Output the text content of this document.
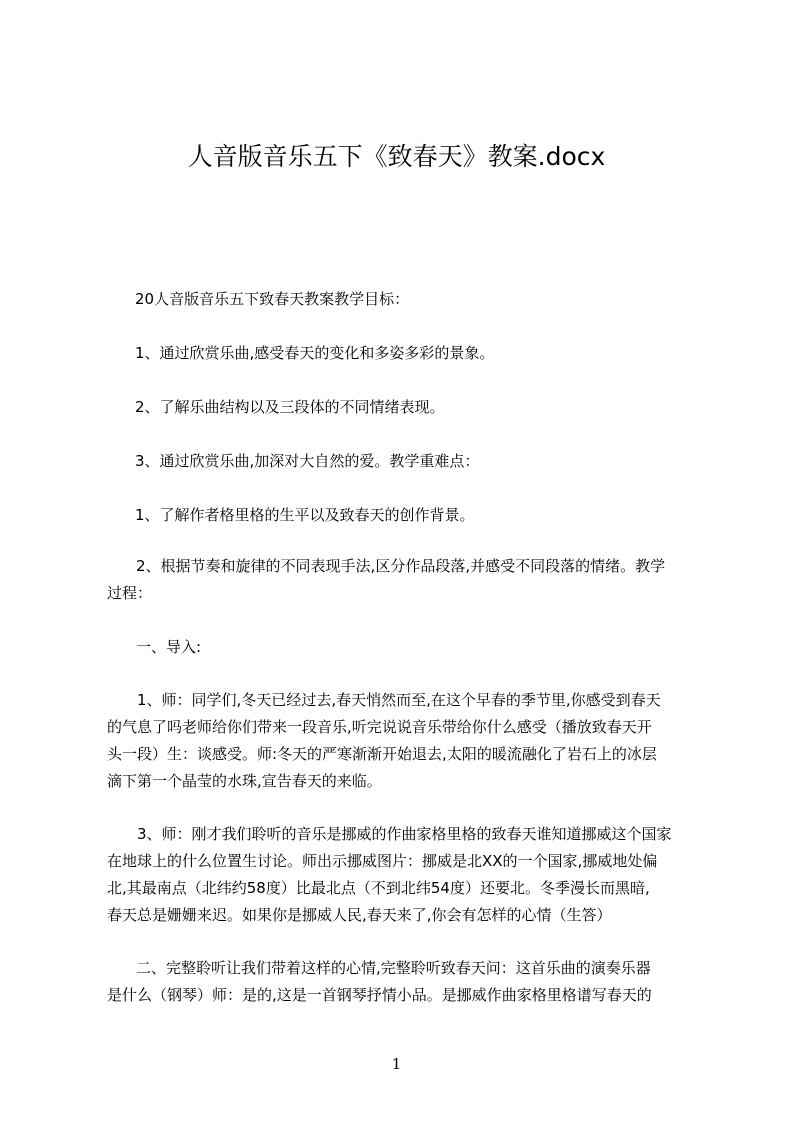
人音版音乐五下《致春天》教案.docx
20人音版音乐五下致春天教案教学目标：
1、通过欣赏乐曲,感受春天的变化和多姿多彩的景象。
2、了解乐曲结构以及三段体的不同情绪表现。
3、通过欣赏乐曲,加深对大自然的爱。教学重难点：
1、了解作者格里格的生平以及致春天的创作背景。
2、根据节奏和旋律的不同表现手法,区分作品段落,并感受不同段落的情绪。教学
过程：
一、导入:
1、师：同学们,冬天已经过去,春天悄然而至,在这个早春的季节里,你感受到春天
的气息了吗老师给你们带来一段音乐,听完说说音乐带给你什么感受（播放致春天开
头一段）生：谈感受。师:冬天的严寒渐渐开始退去,太阳的暖流融化了岩石上的冰层
滴下第一个晶莹的水珠,宣告春天的来临。
3、师：刚才我们聆听的音乐是挪威的作曲家格里格的致春天谁知道挪威这个国家
在地球上的什么位置生讨论。师出示挪威图片：挪威是北XX的一个国家,挪威地处偏
北,其最南点（北纬约58度）比最北点（不到北纬54度）还要北。冬季漫长而黑暗,
春天总是姗姗来迟。如果你是挪威人民,春天来了,你会有怎样的心情（生答）
二、完整聆听让我们带着这样的心情,完整聆听致春天问：这首乐曲的演奏乐器
是什么（钢琴）师：是的,这是一首钢琴抒情小品。是挪威作曲家格里格谱写春天的
1
